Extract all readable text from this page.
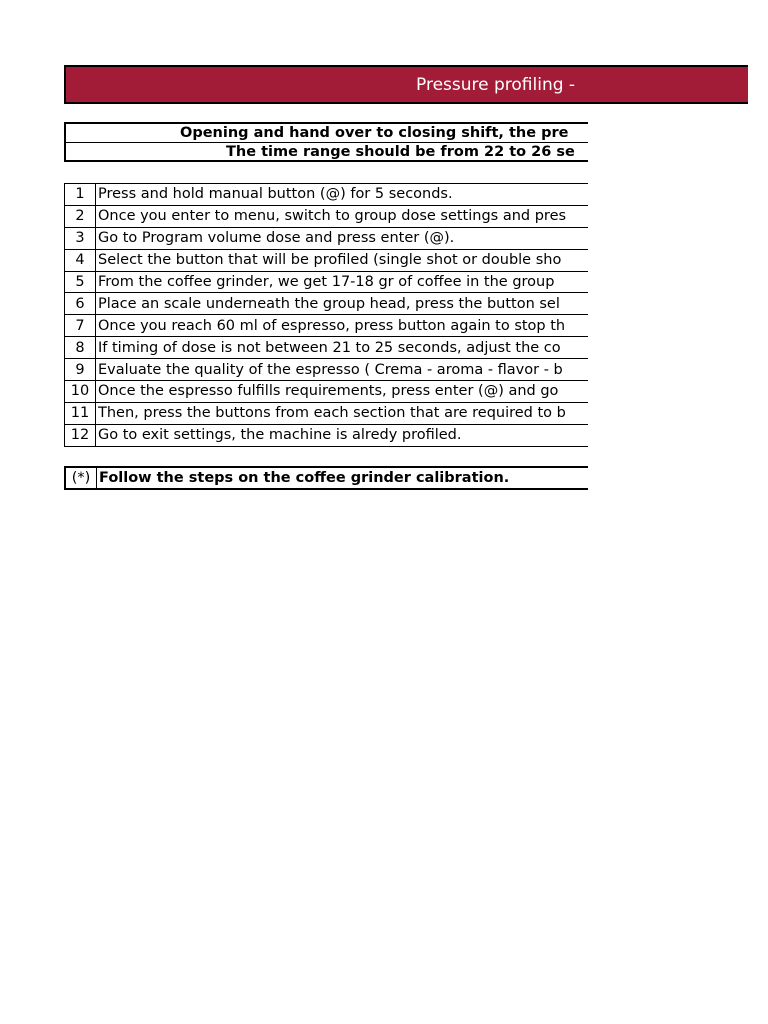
Pressure profiling -
Opening and hand over to closing shift, the pre
The time range should be from 22 to 26 se
1	Press and hold manual button (@) for 5 seconds.
2	Once you enter to menu, switch to group dose settings and pres
3	Go to Program volume dose and press enter (@).
4	Select the button that will be profiled (single shot or double sho
5	From the coffee grinder, we get 17-18 gr of coffee in the group
6	Place an scale underneath the group head, press the button sel
7	Once you reach 60 ml of espresso, press button again to stop th
8	If timing of dose is not between 21 to 25 seconds, adjust the co
9	Evaluate the quality of the espresso ( Crema - aroma - flavor - b
10	Once the espresso fulfills requirements, press enter (@) and go
11	Then, press the buttons from each section that are required to b
12	Go to exit settings, the machine is alredy profiled.
(*)	Follow the steps on the coffee grinder calibration.
